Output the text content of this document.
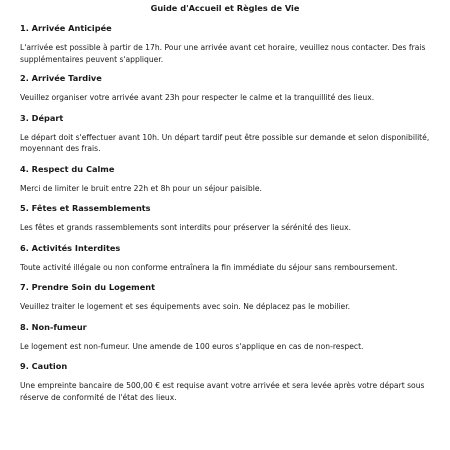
Guide d'Accueil et Règles de Vie
1. Arrivée Anticipée

L'arrivée est possible à partir de 17h. Pour une arrivée avant cet horaire, veuillez nous contacter. Des frais supplémentaires peuvent s'appliquer.

2. Arrivée Tardive

Veuillez organiser votre arrivée avant 23h pour respecter le calme et la tranquillité des lieux.

3. Départ

Le départ doit s'effectuer avant 10h. Un départ tardif peut être possible sur demande et selon disponibilité, moyennant des frais.

4. Respect du Calme

Merci de limiter le bruit entre 22h et 8h pour un séjour paisible.

5. Fêtes et Rassemblements

Les fêtes et grands rassemblements sont interdits pour préserver la sérénité des lieux.

6. Activités Interdites

Toute activité illégale ou non conforme entraînera la fin immédiate du séjour sans remboursement.

7. Prendre Soin du Logement

Veuillez traiter le logement et ses équipements avec soin. Ne déplacez pas le mobilier.

8. Non-fumeur

Le logement est non-fumeur. Une amende de 100 euros s'applique en cas de non-respect.

9. Caution

Une empreinte bancaire de 500,00 € est requise avant votre arrivée et sera levée après votre départ sous réserve de conformité de l'état des lieux.
